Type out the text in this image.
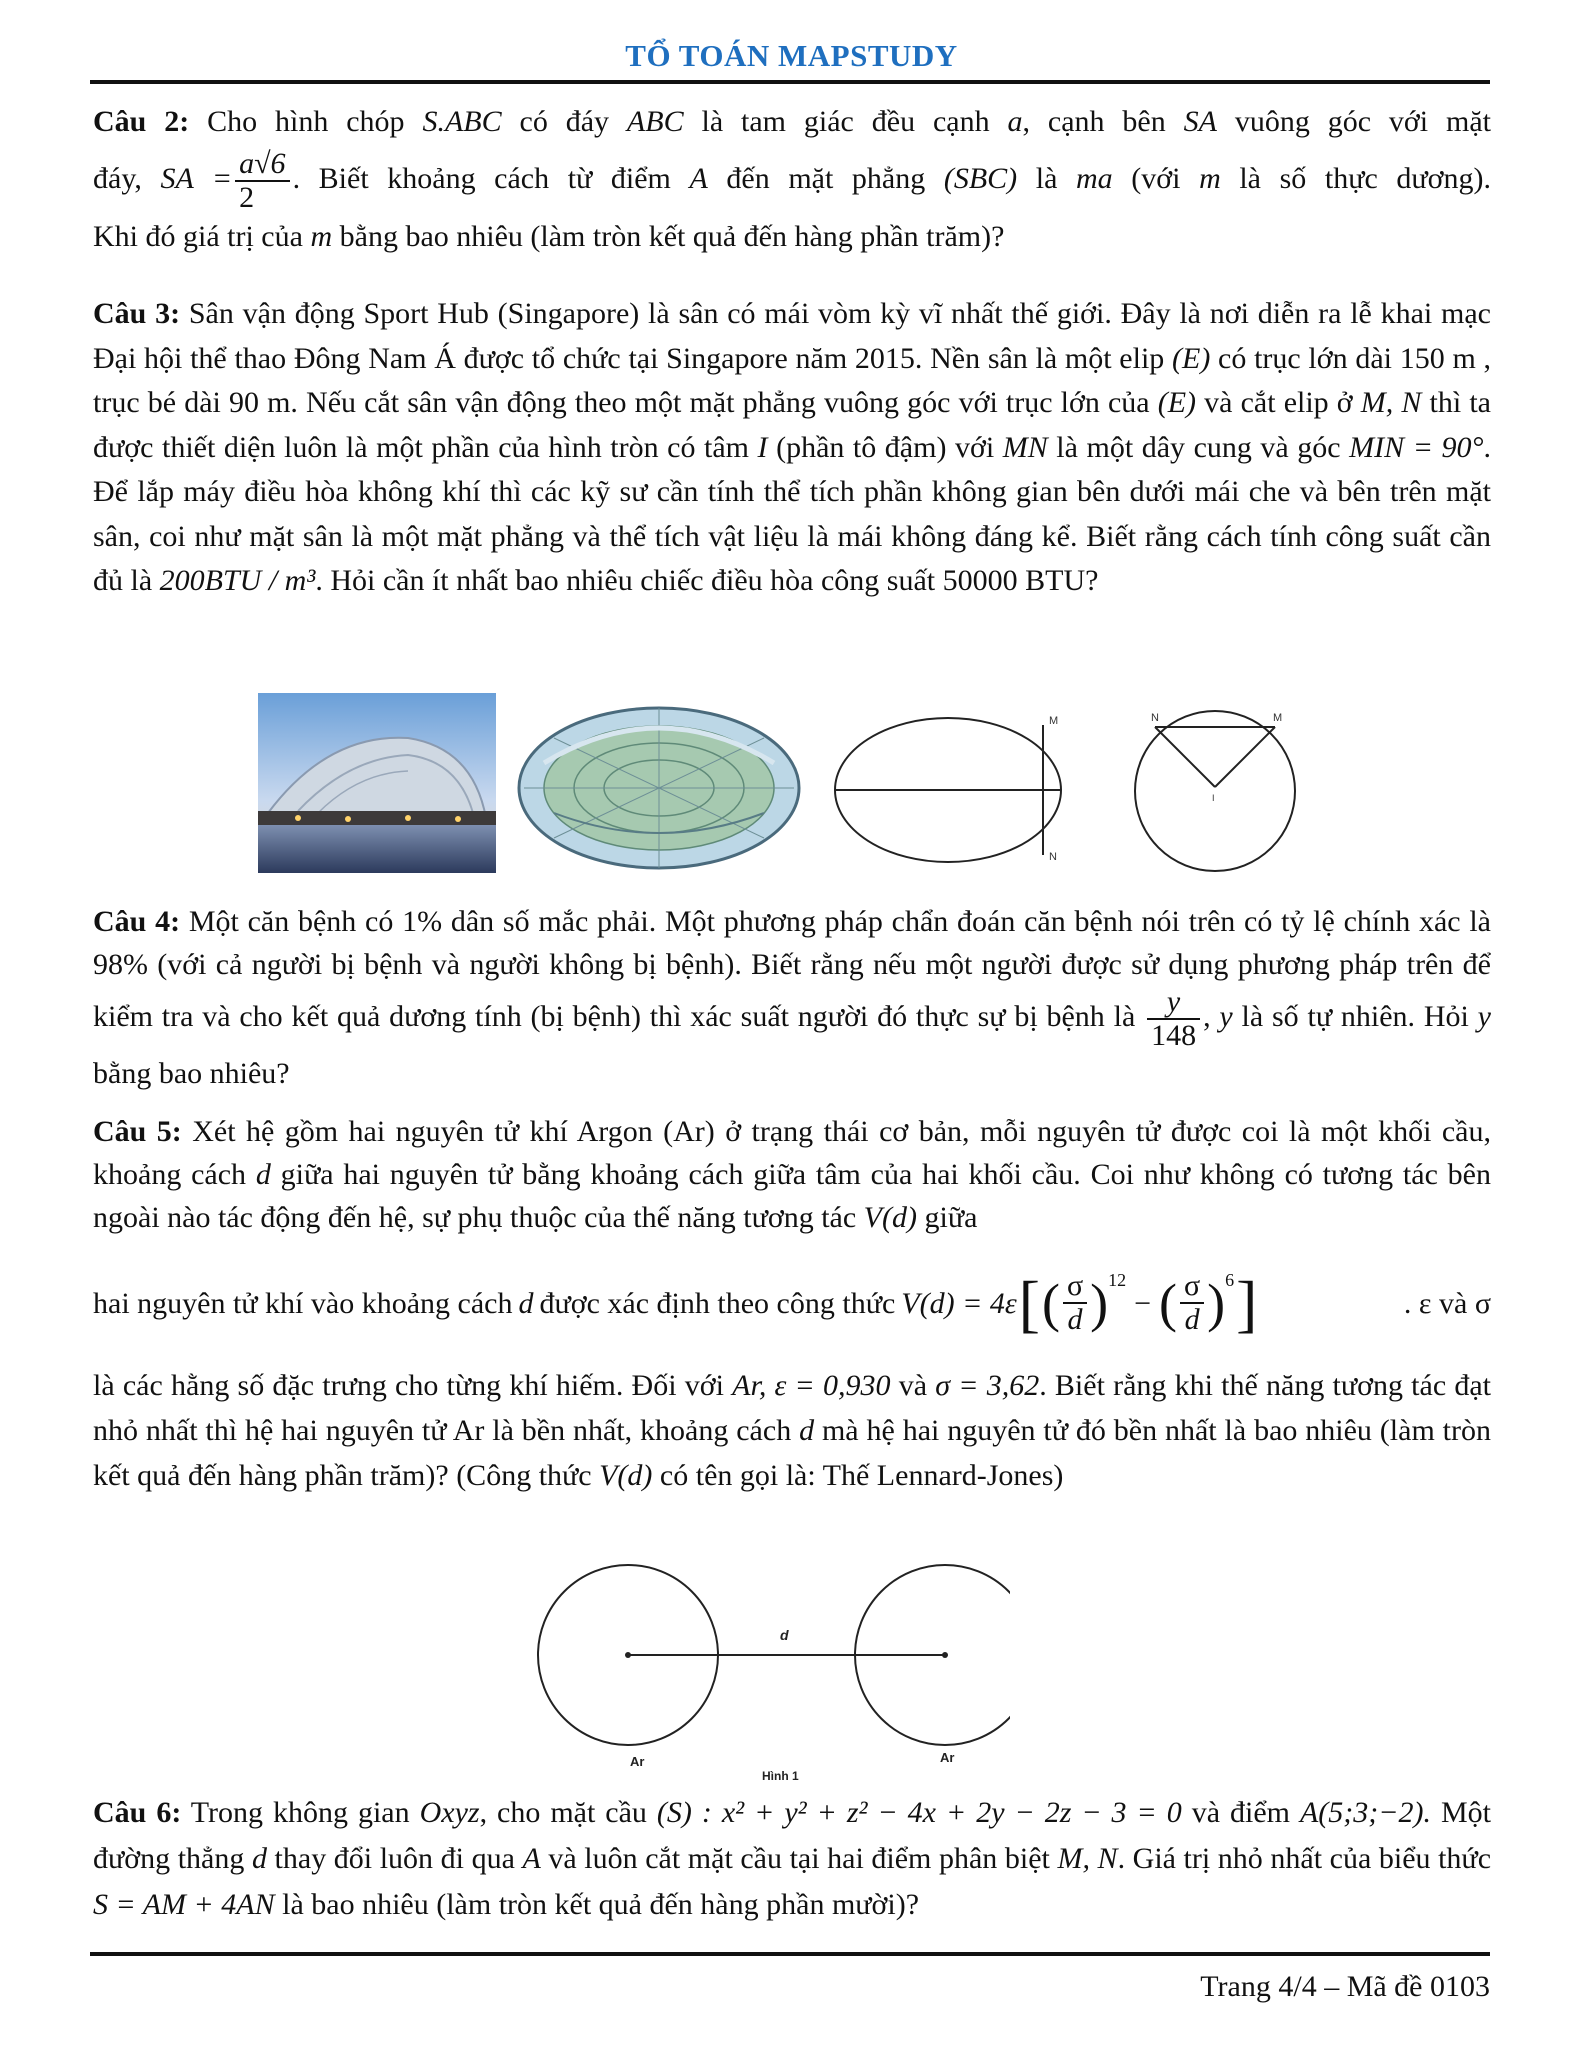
TỔ TOÁN MAPSTUDY
Câu 2: Cho hình chóp S.ABC có đáy ABC là tam giác đều cạnh a, cạnh bên SA vuông góc với mặt
đáy, SA = $\frac{a√6}{2}$ . Biết khoảng cách từ điểm A đến mặt phẳng (SBC) là ma (với m là số thực dương).
Khi đó giá trị của m bằng bao nhiêu (làm tròn kết quả đến hàng phần trăm)?
Câu 3: Sân vận động Sport Hub (Singapore) là sân có mái vòm kỳ vĩ nhất thế giới. Đây là nơi diễn ra lễ khai mạc Đại hội thể thao Đông Nam Á được tổ chức tại Singapore năm 2015. Nền sân là một elip (E) có trục lớn dài 150 m , trục bé dài 90 m. Nếu cắt sân vận động theo một mặt phẳng vuông góc với trục lớn của (E) và cắt elip ở M, N thì ta được thiết diện luôn là một phần của hình tròn có tâm I (phần tô đậm) với MN là một dây cung và góc MIN = 90°. Để lắp máy điều hòa không khí thì các kỹ sư cần tính thể tích phần không gian bên dưới mái che và bên trên mặt sân, coi như mặt sân là một mặt phẳng và thể tích vật liệu là mái không đáng kể. Biết rằng cách tính công suất cần đủ là 200BTU / m³. Hỏi cần ít nhất bao nhiêu chiếc điều hòa công suất 50000 BTU?
M
N
N	M
I
Câu 4: Một căn bệnh có 1% dân số mắc phải. Một phương pháp chẩn đoán căn bệnh nói trên có tỷ lệ chính xác là 98% (với cả người bị bệnh và người không bị bệnh). Biết rằng nếu một người được sử dụng phương pháp trên để kiểm tra và cho kết quả dương tính (bị bệnh) thì xác suất người đó thực sự bị bệnh là $\frac{y}{148}$ , y là số tự nhiên. Hỏi y bằng bao nhiêu?
Câu 5: Xét hệ gồm hai nguyên tử khí Argon (Ar) ở trạng thái cơ bản, mỗi nguyên tử được coi là một khối cầu, khoảng cách d giữa hai nguyên tử bằng khoảng cách giữa tâm của hai khối cầu. Coi như không có tương tác bên ngoài nào tác động đến hệ, sự phụ thuộc của thế năng tương tác V(d) giữa
hai nguyên tử khí vào khoảng cách d được xác định theo công thức V(d) = 4ε [ ( $\frac{\sigma}{d} )^{12}$
− ( $\frac{\sigma}{d} )^6$ ]	. ε và σ
là các hằng số đặc trưng cho từng khí hiếm. Đối với Ar, ε = 0,930 và σ = 3,62. Biết rằng khi thế năng tương tác đạt nhỏ nhất thì hệ hai nguyên tử Ar là bền nhất, khoảng cách d mà hệ hai nguyên tử đó bền nhất là bao nhiêu (làm tròn kết quả đến hàng phần trăm)? (Công thức V(d) có tên gọi là: Thế Lennard-Jones)
d
Ar	Ar
Hình 1
Câu 6: Trong không gian Oxyz, cho mặt cầu (S) : x² + y² + z² − 4x + 2y − 2z − 3 = 0 và điểm A(5;3;−2). Một đường thẳng d thay đổi luôn đi qua A và luôn cắt mặt cầu tại hai điểm phân biệt M, N. Giá trị nhỏ nhất của biểu thức S = AM + 4AN là bao nhiêu (làm tròn kết quả đến hàng phần mười)?
Trang 4/4 – Mã đề 0103
